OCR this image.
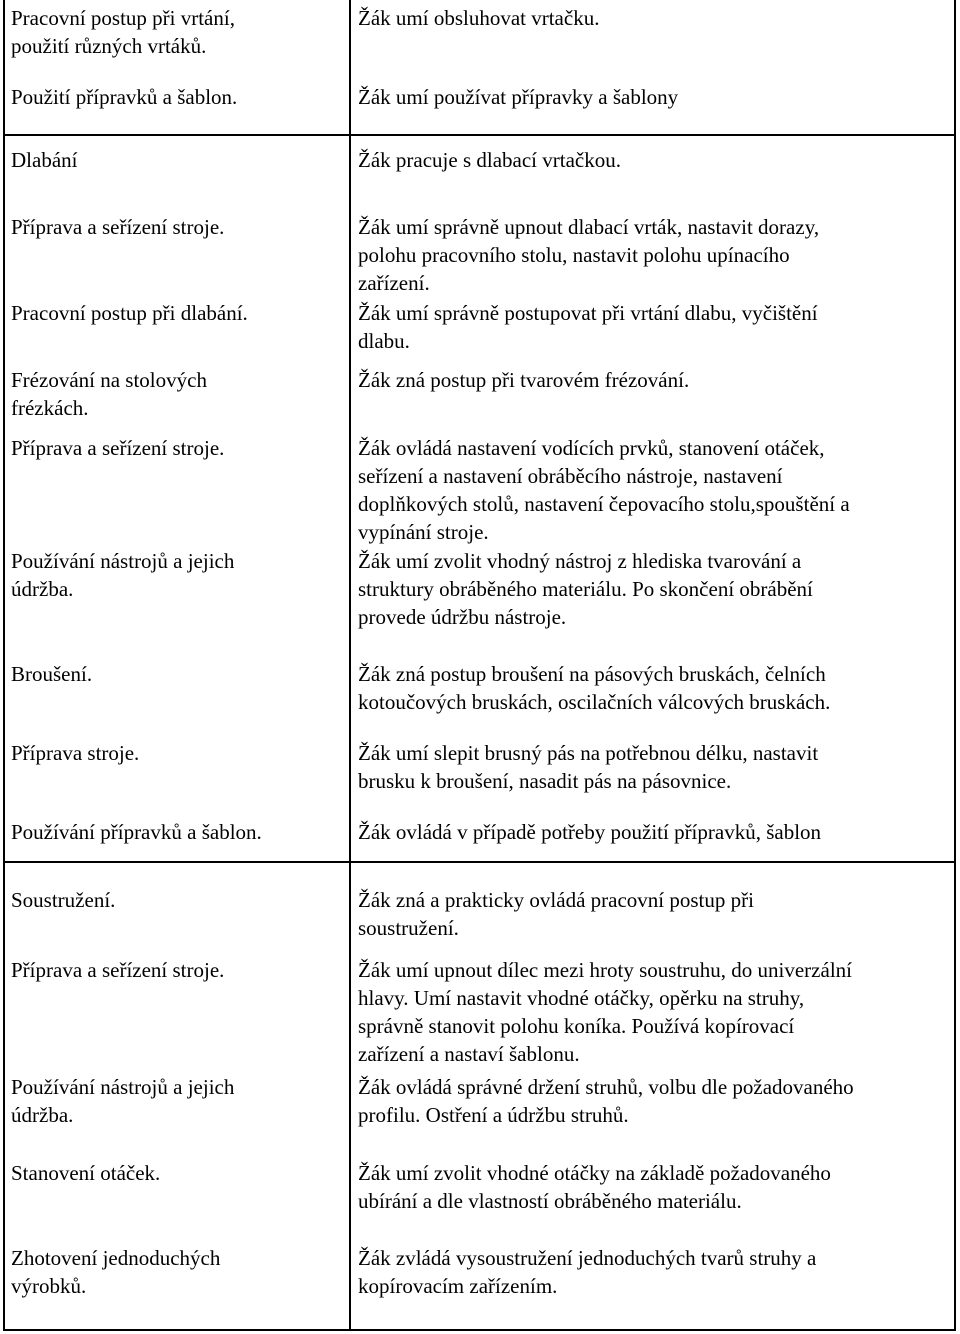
Pracovní postup při vrtání,
použití různých vrtáků.
Použití přípravků a šablon.
Žák umí obsluhovat vrtačku.
Žák umí používat přípravky a šablony
Dlabání
Příprava a seřízení stroje.
Pracovní postup při dlabání.
Frézování na stolových
frézkách.
Příprava a seřízení stroje.
Používání nástrojů a jejich
údržba.
Broušení.
Příprava stroje.
Používání přípravků a šablon.
Žák pracuje s dlabací vrtačkou.
Žák umí správně upnout dlabací vrták, nastavit dorazy,
polohu pracovního stolu, nastavit polohu upínacího
zařízení.
Žák umí správně postupovat při vrtání dlabu, vyčištění
dlabu.
Žák zná postup při tvarovém frézování.
Žák ovládá nastavení vodících prvků, stanovení otáček,
seřízení a nastavení obráběcího nástroje, nastavení
doplňkových stolů, nastavení čepovacího stolu,spouštění a
vypínání stroje.
Žák umí zvolit vhodný nástroj z hlediska tvarování a
struktury obráběného materiálu. Po skončení obrábění
provede údržbu nástroje.
Žák zná postup broušení na pásových bruskách, čelních
kotoučových bruskách, oscilačních válcových bruskách.
Žák umí slepit brusný pás na potřebnou délku, nastavit
brusku k broušení, nasadit pás na pásovnice.
Žák ovládá v případě potřeby použití přípravků, šablon
Soustružení.
Příprava a seřízení stroje.
Používání nástrojů a jejich
údržba.
Stanovení otáček.
Zhotovení jednoduchých
výrobků.
Žák zná a prakticky ovládá pracovní postup při
soustružení.
Žák umí upnout dílec mezi hroty soustruhu, do univerzální
hlavy. Umí nastavit vhodné otáčky, opěrku na struhy,
správně stanovit polohu koníka. Používá kopírovací
zařízení a nastaví šablonu.
Žák ovládá správné držení struhů, volbu dle požadovaného
profilu. Ostření a údržbu struhů.
Žák umí zvolit vhodné otáčky na základě požadovaného
ubírání a dle vlastností obráběného materiálu.
Žák zvládá vysoustružení jednoduchých tvarů struhy a
kopírovacím zařízením.
